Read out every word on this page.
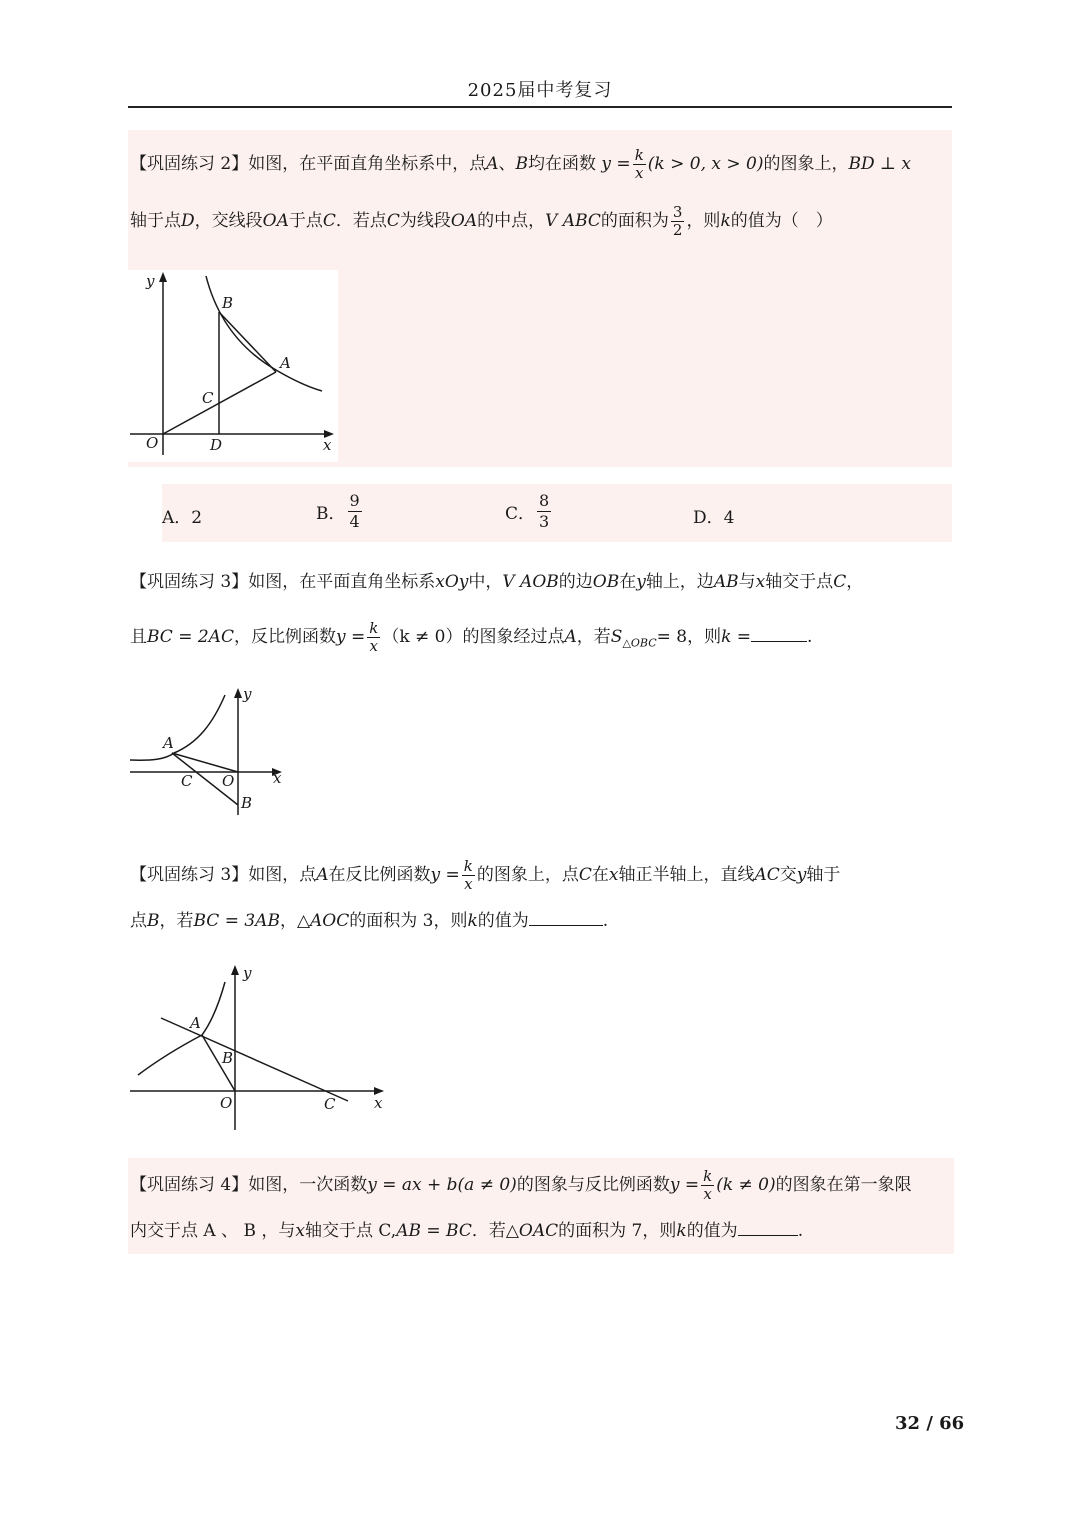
2025届中考复习
【巩固练习 2】如图，在平面直角坐标系中，点A、B均在函数 $y = \frac{k}{x} (k > 0$, x > 0)的图象上，BD ⊥ x
轴于点D，交线段OA于点C．若点C为线段OA的中点，V ABC的面积为 $\frac{3}{2}$ ，则k的值为（　）
y
B
A
C
O	D	x
A．2	B． $\frac{9}{4}$	C． $\frac{8}{3}$	D．4
【巩固练习 3】如图，在平面直角坐标系xOy中，V AOB的边OB在y轴上，边AB与x轴交于点C，
且BC = 2AC，反比例函数$y = \frac{k}{x} (k \ne 0)$的图象经过点A，若$S_{\triangle OBC}= 8$，则k =	.
y
A
C O	x
B
【巩固练习 3】如图，点A在反比例函数$y = \frac{k}{x}$ 的图象上，点C在x轴正半轴上，直线AC交y轴于
点B，若BC = 3AB，△AOC的面积为 3，则k的值为	.
y
A
B
O	C	x
【巩固练习 4】如图，一次函数y = ax + b(a ≠ 0)的图象与反比例函数$y = \frac{k}{x} (k \ne 0)$的图象在第一象限
内交于点 A 、 B ，与x轴交于点 C,AB = BC．若△OAC的面积为 7，则k的值为	.
32 / 66
